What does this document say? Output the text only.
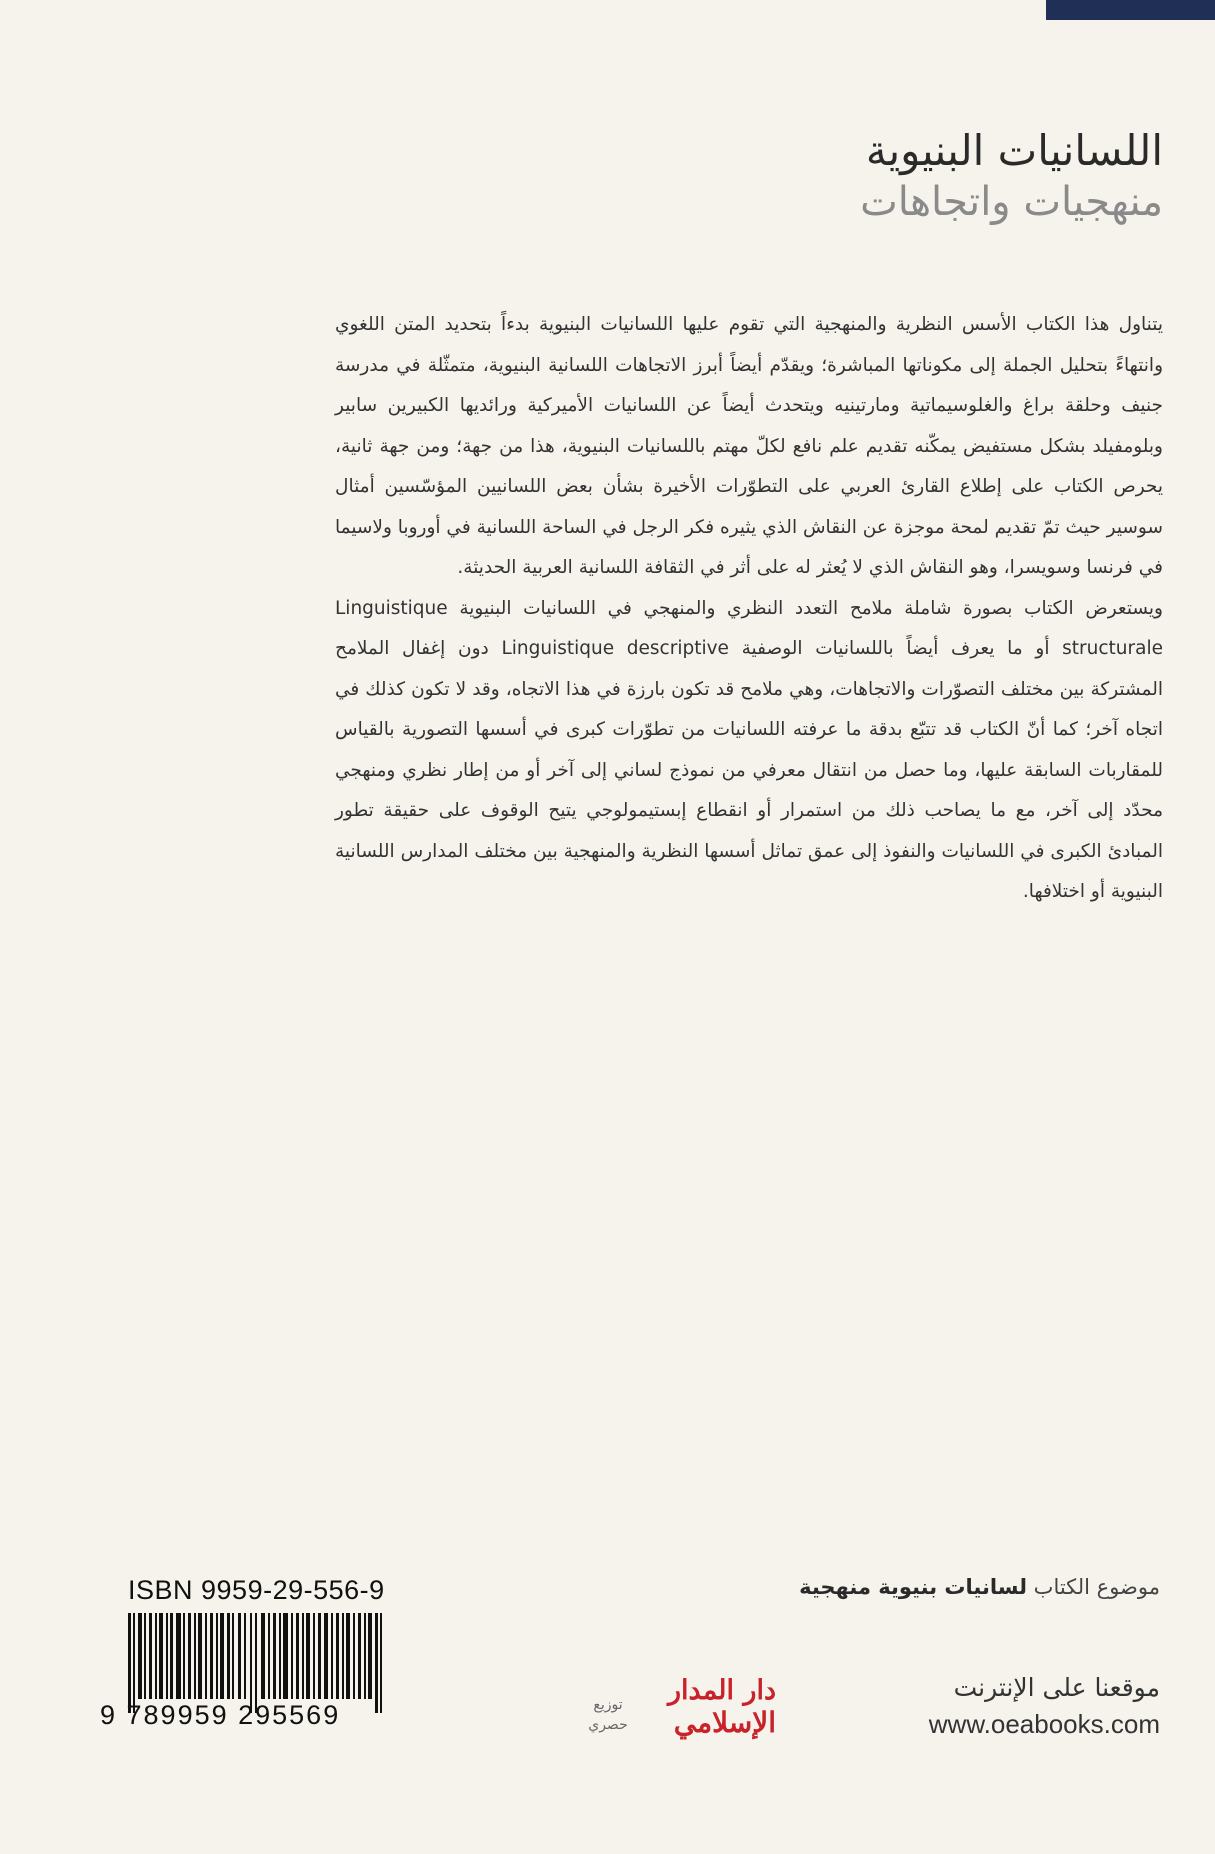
اللسانيات البنيوية
منهجيات واتجاهات

يتناول هذا الكتاب الأسس النظرية والمنهجية التي تقوم عليها اللسانيات البنيوية بدءاً بتحديد المتن اللغوي وانتهاءً بتحليل الجملة إلى مكوناتها المباشرة؛ ويقدّم أيضاً أبرز الاتجاهات اللسانية البنيوية، متمثّلة في مدرسة جنيف وحلقة براغ والغلوسيماتية ومارتينيه ويتحدث أيضاً عن اللسانيات الأميركية ورائديها الكبيرين سابير وبلومفيلد بشكل مستفيض يمكّنه تقديم علم نافع لكلّ مهتم باللسانيات البنيوية، هذا من جهة؛ ومن جهة ثانية، يحرص الكتاب على إطلاع القارئ العربي على التطوّرات الأخيرة بشأن بعض اللسانيين المؤسّسين أمثال سوسير حيث تمّ تقديم لمحة موجزة عن النقاش الذي يثيره فكر الرجل في الساحة اللسانية في أوروبا ولاسيما في فرنسا وسويسرا، وهو النقاش الذي لا يُعثر له على أثر في الثقافة اللسانية العربية الحديثة.

ويستعرض الكتاب بصورة شاملة ملامح التعدد النظري والمنهجي في اللسانيات البنيوية Linguistique structurale أو ما يعرف أيضاً باللسانيات الوصفية Linguistique descriptive دون إغفال الملامح المشتركة بين مختلف التصوّرات والاتجاهات، وهي ملامح قد تكون بارزة في هذا الاتجاه، وقد لا تكون كذلك في اتجاه آخر؛ كما أنّ الكتاب قد تتبّع بدقة ما عرفته اللسانيات من تطوّرات كبرى في أسسها التصورية بالقياس للمقاربات السابقة عليها، وما حصل من انتقال معرفي من نموذج لساني إلى آخر أو من إطار نظري ومنهجي محدّد إلى آخر، مع ما يصاحب ذلك من استمرار أو انقطاع إبستيمولوجي يتيح الوقوف على حقيقة تطور المبادئ الكبرى في اللسانيات والنفوذ إلى عمق تماثل أسسها النظرية والمنهجية بين مختلف المدارس اللسانية البنيوية أو اختلافها.

موضوع الكتاب لسانيات بنيوية منهجية
موقعنا على الإنترنت
www.oeabooks.com
دار المدار
الإسلامي
توزيع
حصري
ISBN 9959-29-556-9
9 789959 295569
